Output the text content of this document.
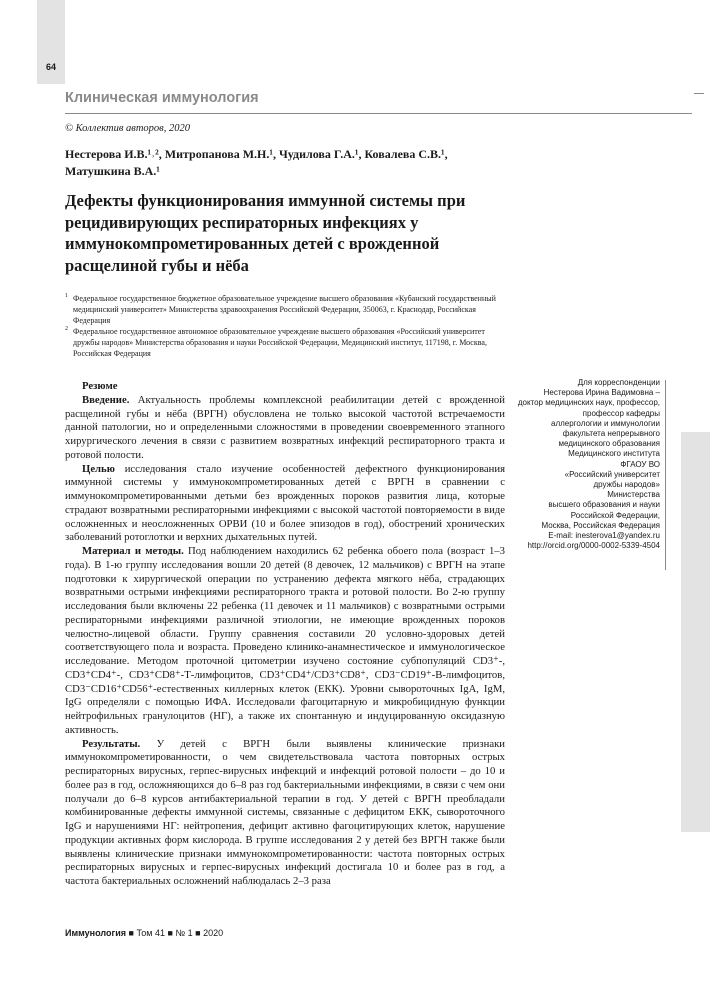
64
Клиническая иммунология
© Коллектив авторов, 2020
Нестерова И.В.¹˒², Митропанова М.Н.¹, Чудилова Г.А.¹, Ковалева С.В.¹,
Матушкина В.А.¹
Дефекты функционирования иммунной системы при рецидивирующих респираторных инфекциях у иммунокомпрометированных детей с врожденной расщелиной губы и нёба
1 Федеральное государственное бюджетное образовательное учреждение высшего образования «Кубанский государственный медицинский университет» Министерства здравоохранения Российской Федерации, 350063, г. Краснодар, Российская Федерация
2 Федеральное государственное автономное образовательное учреждение высшего образования «Российский университет дружбы народов» Министерства образования и науки Российской Федерации, Медицинский институт, 117198, г. Москва, Российская Федерация

Резюме

Введение. Актуальность проблемы комплексной реабилитации детей с врожденной расщелиной губы и нёба (ВРГН) обусловлена не только высокой частотой встречаемости данной патологии, но и определенными сложностями в проведении своевременного этапного хирургического лечения в связи с развитием возвратных инфекций респираторного тракта и ротовой полости.

Целью исследования стало изучение особенностей дефектного функционирования иммунной системы у иммунокомпрометированных детей с ВРГН в сравнении с иммунокомпрометированными детьми без врожденных пороков развития лица, которые страдают возвратными респираторными инфекциями с высокой частотой повторяемости в виде осложненных и неосложненных ОРВИ (10 и более эпизодов в год), обострений хронических заболеваний ротоглотки и верхних дыхательных путей.

Материал и методы. Под наблюдением находились 62 ребенка обоего пола (возраст 1–3 года). В 1-ю группу исследования вошли 20 детей (8 девочек, 12 мальчиков) с ВРГН на этапе подготовки к хирургической операции по устранению дефекта мягкого нёба, страдающих возвратными острыми инфекциями респираторного тракта и ротовой полости. Во 2-ю группу исследования были включены 22 ребенка (11 девочек и 11 мальчиков) с возвратными острыми респираторными инфекциями различной этиологии, не имеющие врожденных пороков челюстно-лицевой области. Группу сравнения составили 20 условно-здоровых детей соответствующего пола и возраста. Проведено клинико-анамнестическое и иммунологическое исследование. Методом проточной цитометрии изучено состояние субпопуляций CD3⁺-, CD3⁺CD4⁺-, CD3⁺CD8⁺-Т-лимфоцитов, CD3⁺CD4⁺/CD3⁺CD8⁺, CD3⁻CD19⁺-В-лимфоцитов, CD3⁻CD16⁺CD56⁺-естественных киллерных клеток (ЕКК). Уровни сывороточных IgA, IgM, IgG определяли с помощью ИФА. Исследовали фагоцитарную и микробицидную функции нейтрофильных гранулоцитов (НГ), а также их спонтанную и индуцированную оксидазную активность.

Результаты. У детей с ВРГН были выявлены клинические признаки иммунокомпрометированности, о чем свидетельствовала частота повторных острых респираторных вирусных, герпес-вирусных инфекций и инфекций ротовой полости – до 10 и более раз в год, осложняющихся до 6–8 раз год бактериальными инфекциями, в связи с чем они получали до 6–8 курсов антибактериальной терапии в год. У детей с ВРГН преобладали комбинированные дефекты иммунной системы, связанные с дефицитом ЕКК, сывороточного IgG и нарушениями НГ: нейтропения, дефицит активно фагоцитирующих клеток, нарушение продукции активных форм кислорода. В группе исследования 2 у детей без ВРГН также были выявлены клинические признаки иммунокомпрометированности: частота повторных острых респираторных вирусных и герпес-вирусных инфекций достигала 10 и более раз в год, а частота бактериальных осложнений наблюдалась 2–3 раза

Для корреспонденции
Нестерова Ирина Вадимовна –
доктор медицинских наук, профессор,
профессор кафедры
аллергологии и иммунологии
факультета непрерывного
медицинского образования
Медицинского института
ФГАОУ ВО
«Российский университет
дружбы народов»
Министерства
высшего образования и науки
Российской Федерации,
Москва, Российская Федерация
E-mail: inesterova1@yandex.ru
http://orcid.org/0000-0002-5339-4504
Иммунология ■ Том 41 ■ № 1 ■ 2020
